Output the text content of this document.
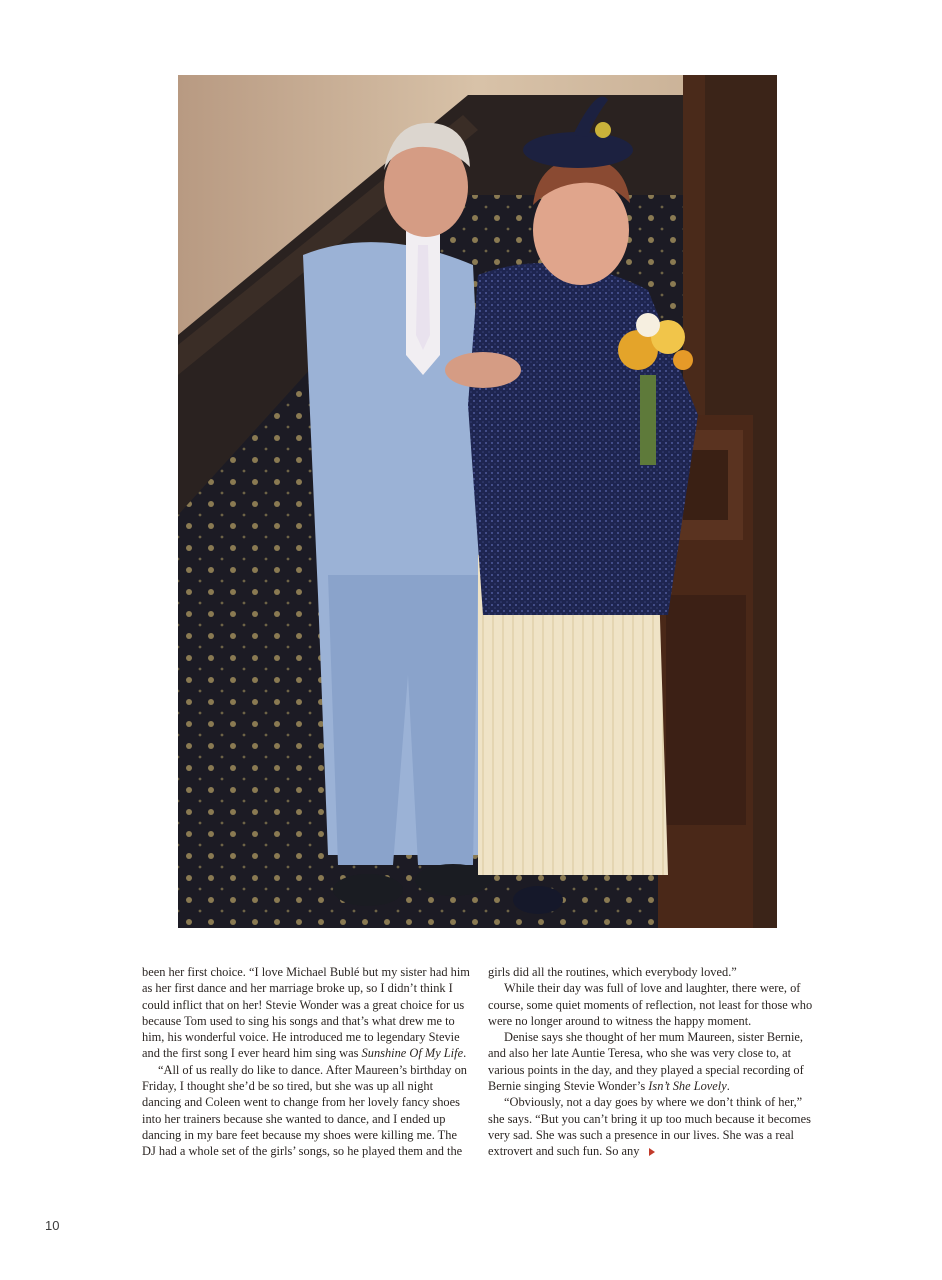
been her first choice. “I love Michael Bublé but my sister had him as her first dance and her marriage broke up, so I didn’t think I could inflict that on her! Stevie Wonder was a great choice for us because Tom used to sing his songs and that’s what drew me to him, his wonderful voice. He introduced me to legendary Stevie and the first song I ever heard him sing was Sunshine Of My Life.

“All of us really do like to dance. After Maureen’s birthday on Friday, I thought she’d be so tired, but she was up all night dancing and Coleen went to change from her lovely fancy shoes into her trainers because she wanted to dance, and I ended up dancing in my bare feet because my shoes were killing me. The DJ had a whole set of the girls’ songs, so he played them and the

girls did all the routines, which everybody loved.”

While their day was full of love and laughter, there were, of course, some quiet moments of reflection, not least for those who were no longer around to witness the happy moment.

Denise says she thought of her mum Maureen, sister Bernie, and also her late Auntie Teresa, who she was very close to, at various points in the day, and they played a special recording of Bernie singing Stevie Wonder’s Isn’t She Lovely.

“Obviously, not a day goes by where we don’t think of her,” she says. “But you can’t bring it up too much because it becomes very sad. She was such a presence in our lives. She was a real extrovert and such fun. So any

10
